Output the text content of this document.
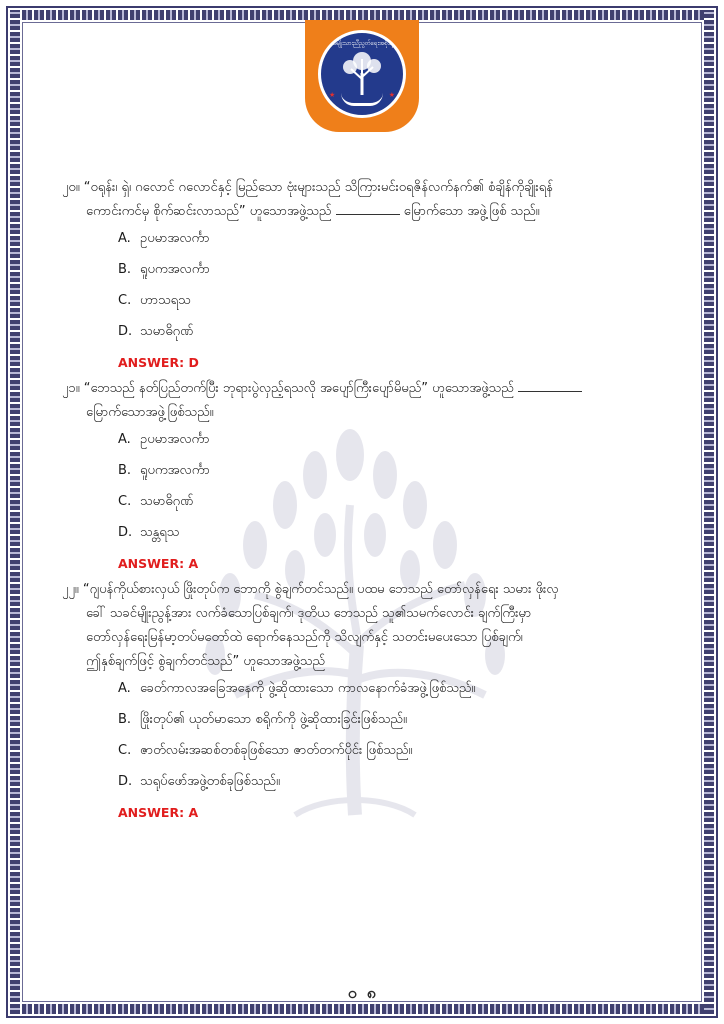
အမျိုးသားညီညွတ်ရေးအစိုးရ
★	★
၂၀။ “ဝရုန်း၊ ရှဲ၊ ဂလောင် ဂလောင်နှင့် မြည်သော ဗုံးများသည် သိကြားမင်းဝရဇိန်လက်နက်၏ စံချိန်ကိုချိုးရန်
ကောင်းကင်မှ စိုက်ဆင်းလာသည်” ဟူသောအဖွဲ့သည်	မြောက်သော အဖွဲ့ဖြစ် သည်။
A. ဥပမာအလင်္ကာ
B. ရူပကအလင်္ကာ
C. ဟာသရသ
D. သမာဓိဂုဏ်
ANSWER: D
၂၁။ “ဘေသည် နတ်ပြည်တက်ပြီး ဘုရားပွဲလှည့်ရသလို အပျော်ကြီးပျော်မိမည်” ဟူသောအဖွဲ့သည်
မြောက်သောအဖွဲ့ဖြစ်သည်။
A. ဥပမာအလင်္ကာ
B. ရူပကအလင်္ကာ
C. သမာဓိဂုဏ်
D. သန္တရသ
ANSWER: A
၂၂။ “ဂျပန်ကိုယ်စားလှယ် ဖြိုးတုပ်က ဘောကို စွဲချက်တင်သည်။ ပထမ ဘေသည် တော်လှန်ရေး သမား ဖိုးလှ
ခေါ် သခင်မျိုးညွန့်အား လက်ခံသောပြစ်ချက်၊ ဒုတိယ ဘေသည် သူ၏သမက်လောင်း ချက်ကြီးမှာ
တော်လှန်ရေးမြန်မာ့တပ်မတော်ထဲ ရောက်နေသည်ကို သိလျက်နှင့် သတင်းမပေးသော ပြစ်ချက်၊
ဤနှစ်ချက်ဖြင့် စွဲချက်တင်သည်” ဟူသောအဖွဲ့သည်
A. ခေတ်ကာလအခြေအနေကို ဖွဲ့ဆိုထားသော ကာလနောက်ခံအဖွဲ့ဖြစ်သည်။
B. ဖြိုးတုပ်၏ ယုတ်မာသော စရိုက်ကို ဖွဲ့ဆိုထားခြင်းဖြစ်သည်။
C. ဇာတ်လမ်းအဆစ်တစ်ခုဖြစ်သော ဇာတ်တက်ပိုင်း ဖြစ်သည်။
D. သရုပ်ဖော်အဖွဲ့တစ်ခုဖြစ်သည်။
ANSWER: A
၀ ၈
